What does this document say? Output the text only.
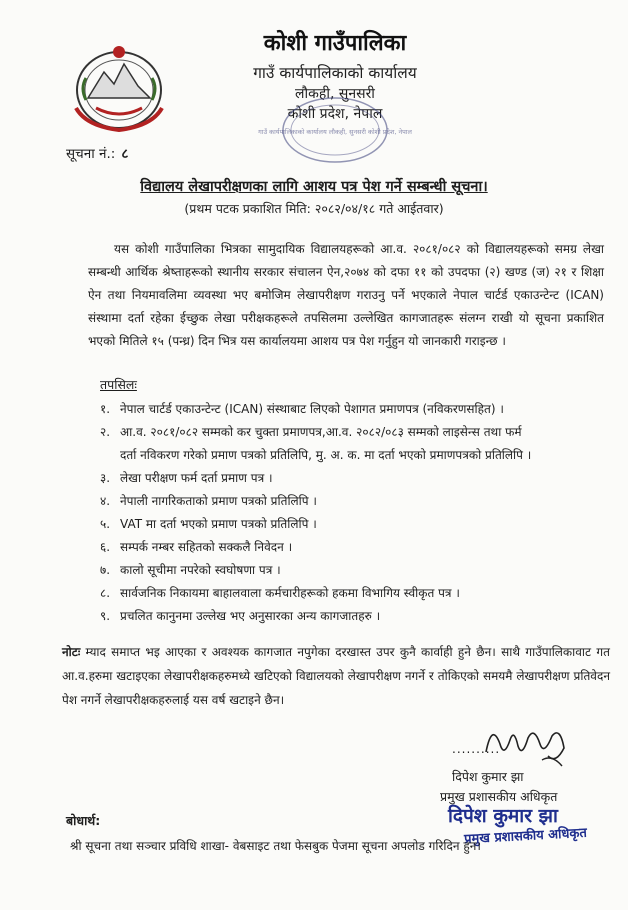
कोशी गाउँपालिका
गाउँ कार्यपालिकाको कार्यालय
लौकही, सुनसरी
कोशी प्रदेश, नेपाल
गाउँ कार्यपालिकाको कार्यालय लौकही, सुनसरी कोशी प्रदेश, नेपाल
सूचना नं.: ८
विद्यालय लेखापरीक्षणका लागि आशय पत्र पेश गर्ने सम्बन्धी सूचना।
(प्रथम पटक प्रकाशित मिति: २०८२/०४/१८ गते आईतवार)
यस कोशी गाउँपालिका भित्रका सामुदायिक विद्यालयहरूको आ.व. २०८१/०८२ को विद्यालयहरूको समग्र लेखा सम्बन्धी आर्थिक श्रेष्ताहरूको स्थानीय सरकार संचालन ऐन,२०७४ को दफा ११ को उपदफा (२) खण्ड (ज) २१ र शिक्षा ऐन तथा नियमावलिमा व्यवस्था भए बमोजिम लेखापरीक्षण गराउनु पर्ने भएकाले नेपाल चार्टर्ड एकाउन्टेन्ट (ICAN) संस्थामा दर्ता रहेका ईच्छुक लेखा परीक्षकहरूले तपसिलमा उल्लेखित कागजातहरू संलग्न राखी यो सूचना प्रकाशित भएको मितिले १५ (पन्ध्र) दिन भित्र यस कार्यालयमा आशय पत्र पेश गर्नुहुन यो जानकारी गराइन्छ ।
तपसिलः
१. नेपाल चार्टर्ड एकाउन्टेन्ट (ICAN) संस्थाबाट लिएको पेशागत प्रमाणपत्र (नविकरणसहित) ।
२. आ.व. २०८१/०८२ सम्मको कर चुक्ता प्रमाणपत्र,आ.व. २०८२/०८३ सम्मको लाइसेन्स तथा फर्म
दर्ता नविकरण गरेको प्रमाण पत्रको प्रतिलिपि, मु. अ. क. मा दर्ता भएको प्रमाणपत्रको प्रतिलिपि ।
३. लेखा परीक्षण फर्म दर्ता प्रमाण पत्र ।
४. नेपाली नागरिकताको प्रमाण पत्रको प्रतिलिपि ।
५. VAT मा दर्ता भएको प्रमाण पत्रको प्रतिलिपि ।
६. सम्पर्क नम्बर सहितको सक्कलै निवेदन ।
७. कालो सूचीमा नपरेको स्वघोषणा पत्र ।
८. सार्वजनिक निकायमा बाहालवाला कर्मचारीहरूको हकमा विभागिय स्वीकृत पत्र ।
९. प्रचलित कानुनमा उल्लेख भए अनुसारका अन्य कागजातहरु ।
नोटः म्याद समाप्त भइ आएका र अवश्यक कागजात नपुगेका दरखास्त उपर कुनै कार्वाही हुने छैन। साथै गाउँपालिकावाट गत आ.व.हरुमा खटाइएका लेखापरीक्षकहरुमध्ये खटिएको विद्यालयको लेखापरीक्षण नगर्ने र तोकिएको समयमै लेखापरीक्षण प्रतिवेदन पेश नगर्ने लेखापरीक्षकहरुलाई यस वर्ष खटाइने छैन।
..........
दिपेश कुमार झा
प्रमुख प्रशासकीय अधिकृत
दिपेश कुमार झा
प्रमुख प्रशासकीय अधिकृत
बोधार्थ:
श्री सूचना तथा सञ्चार प्रविधि शाखा- वेबसाइट तथा फेसबुक पेजमा सूचना अपलोड गरिदिन हुन।
